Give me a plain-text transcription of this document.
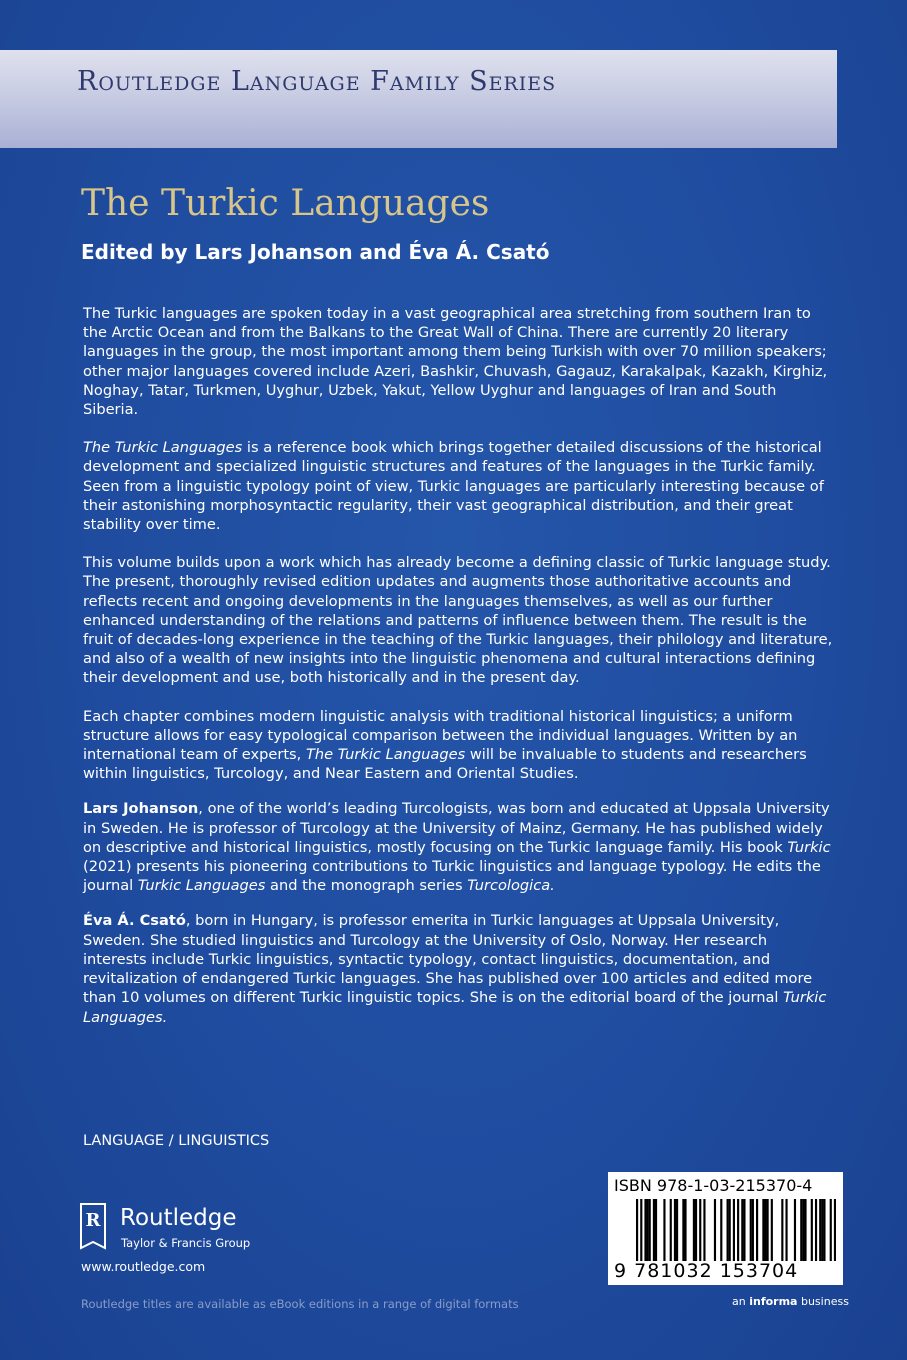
Routledge Language Family Series
The Turkic Languages
Edited by Lars Johanson and Éva Á. Csató

The Turkic languages are spoken today in a vast geographical area stretching from southern Iran to the Arctic Ocean and from the Balkans to the Great Wall of China. There are currently 20 literary languages in the group, the most important among them being Turkish with over 70 million speakers; other major languages covered include Azeri, Bashkir, Chuvash, Gagauz, Karakalpak, Kazakh, Kirghiz, Noghay, Tatar, Turkmen, Uyghur, Uzbek, Yakut, Yellow Uyghur and languages of Iran and South Siberia.

The Turkic Languages is a reference book which brings together detailed discussions of the historical development and specialized linguistic structures and features of the languages in the Turkic family. Seen from a linguistic typology point of view, Turkic languages are particularly interesting because of their astonishing morphosyntactic regularity, their vast geographical distribution, and their great stability over time.

This volume builds upon a work which has already become a defining classic of Turkic language study. The present, thoroughly revised edition updates and augments those authoritative accounts and reflects recent and ongoing developments in the languages themselves, as well as our further enhanced understanding of the relations and patterns of influence between them. The result is the fruit of decades-long experience in the teaching of the Turkic languages, their philology and literature, and also of a wealth of new insights into the linguistic phenomena and cultural interactions defining their development and use, both historically and in the present day.

Each chapter combines modern linguistic analysis with traditional historical linguistics; a uniform structure allows for easy typological comparison between the individual languages. Written by an international team of experts, The Turkic Languages will be invaluable to students and researchers within linguistics, Turcology, and Near Eastern and Oriental Studies.

Lars Johanson, one of the world’s leading Turcologists, was born and educated at Uppsala University in Sweden. He is professor of Turcology at the University of Mainz, Germany. He has published widely on descriptive and historical linguistics, mostly focusing on the Turkic language family. His book Turkic (2021) presents his pioneering contributions to Turkic linguistics and language typology. He edits the journal Turkic Languages and the monograph series Turcologica.

Éva Á. Csató, born in Hungary, is professor emerita in Turkic languages at Uppsala University, Sweden. She studied linguistics and Turcology at the University of Oslo, Norway. Her research interests include Turkic linguistics, syntactic typology, contact linguistics, documentation, and revitalization of endangered Turkic languages. She has published over 100 articles and edited more than 10 volumes on different Turkic linguistic topics. She is on the editorial board of the journal Turkic Languages.

LANGUAGE / LINGUISTICS
R Routledge
Taylor & Francis Group
www.routledge.com
Routledge titles are available as eBook editions in a range of digital formats
ISBN 978-1-03-215370-4
9 781032 153704
an informa business
